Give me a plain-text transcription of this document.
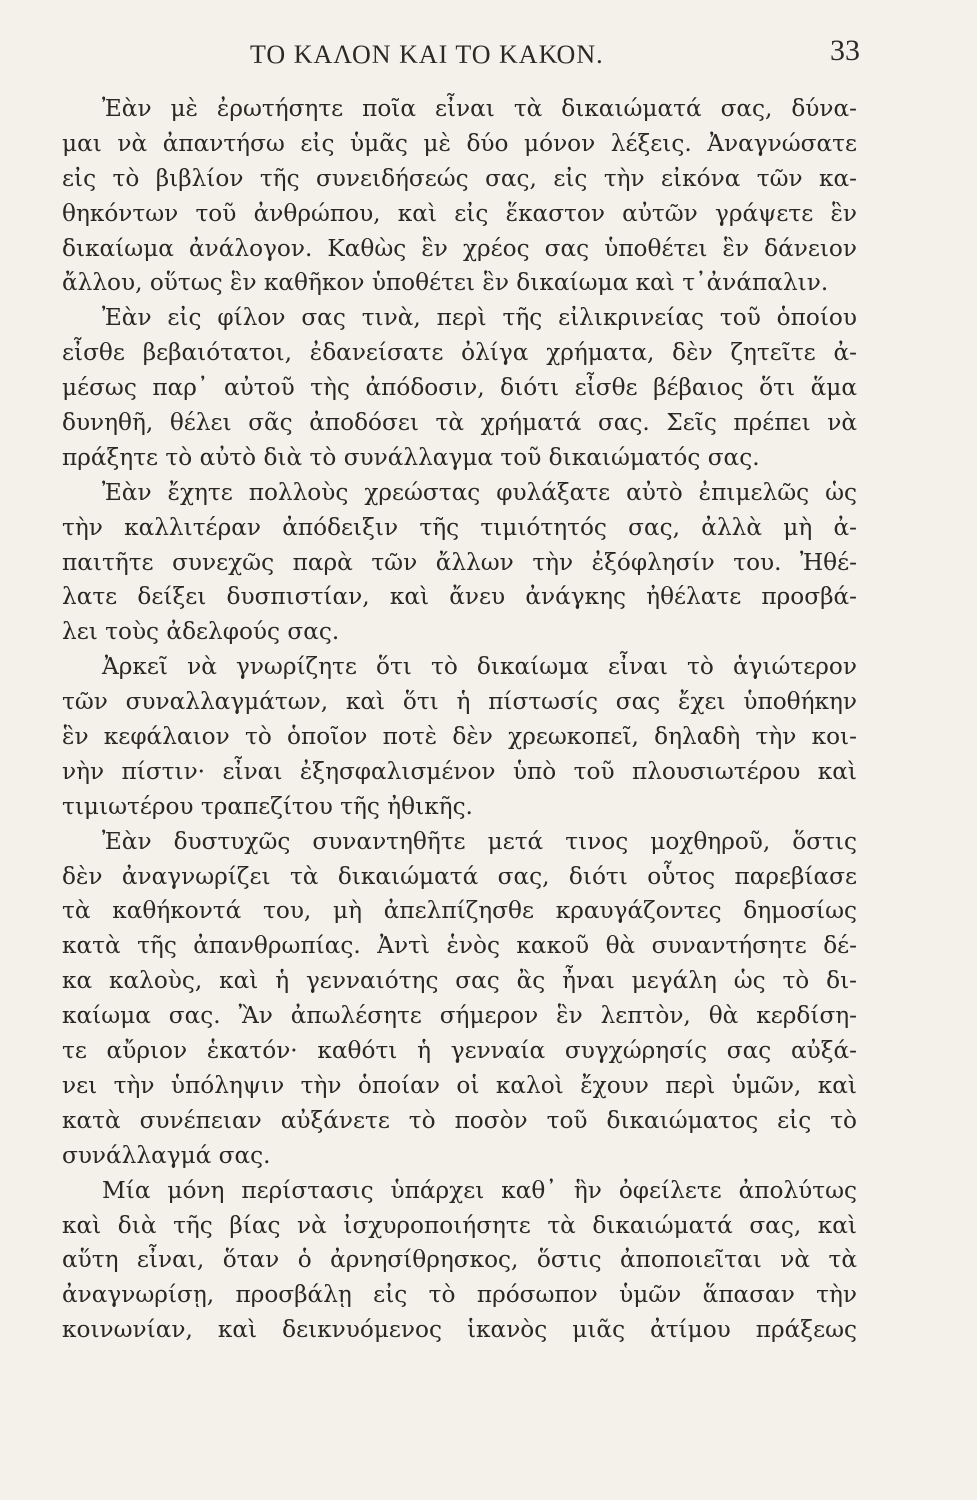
ΤΟ ΚΑΛΟΝ ΚΑΙ ΤΟ ΚΑΚΟΝ.	33
Ἐὰν μὲ ἐρωτήσητε ποῖα εἶναι τὰ δικαιώματά σας, δύνα-
μαι νὰ ἀπαντήσω εἰς ὑμᾶς μὲ δύο μόνον λέξεις. Ἀναγνώσατε
εἰς τὸ βιβλίον τῆς συνειδήσεώς σας, εἰς τὴν εἰκόνα τῶν κα-
θηκόντων τοῦ ἀνθρώπου, καὶ εἰς ἕκαστον αὐτῶν γράψετε ἓν
δικαίωμα ἀνάλογον. Καθὼς ἓν χρέος σας ὑποθέτει ἓν δάνειον
ἄλλου, οὕτως ἓν καθῆκον ὑποθέτει ἓν δικαίωμα καὶ τ᾽ἀνάπαλιν.
Ἐὰν εἰς φίλον σας τινὰ, περὶ τῆς εἰλικρινείας τοῦ ὁποίου
εἶσθε βεβαιότατοι, ἐδανείσατε ὀλίγα χρήματα, δὲν ζητεῖτε ἀ-
μέσως παρ᾽ αὐτοῦ τὴς ἀπόδοσιν, διότι εἶσθε βέβαιος ὅτι ἅμα
δυνηθῆ, θέλει σᾶς ἀποδόσει τὰ χρήματά σας. Σεῖς πρέπει νὰ
πράξητε τὸ αὐτὸ διὰ τὸ συνάλλαγμα τοῦ δικαιώματός σας.
Ἐὰν ἔχητε πολλοὺς χρεώστας φυλάξατε αὐτὸ ἐπιμελῶς ὡς
τὴν καλλιτέραν ἀπόδειξιν τῆς τιμιότητός σας, ἀλλὰ μὴ ἀ-
παιτῆτε συνεχῶς παρὰ τῶν ἄλλων τὴν ἐξόφλησίν του. Ἠθέ-
λατε δείξει δυσπιστίαν, καὶ ἄνευ ἀνάγκης ἠθέλατε προσβά-
λει τοὺς ἀδελφούς σας.
Ἀρκεῖ νὰ γνωρίζητε ὅτι τὸ δικαίωμα εἶναι τὸ ἁγιώτερον
τῶν συναλλαγμάτων, καὶ ὅτι ἡ πίστωσίς σας ἔχει ὑποθήκην
ἓν κεφάλαιον τὸ ὁποῖον ποτὲ δὲν χρεωκοπεῖ, δηλαδὴ τὴν κοι-
νὴν πίστιν· εἶναι ἐξησφαλισμένον ὑπὸ τοῦ πλουσιωτέρου καὶ
τιμιωτέρου τραπεζίτου τῆς ἠθικῆς.
Ἐὰν δυστυχῶς συναντηθῆτε μετά τινος μοχθηροῦ, ὅστις
δὲν ἀναγνωρίζει τὰ δικαιώματά σας, διότι οὗτος παρεβίασε
τὰ καθήκοντά του, μὴ ἀπελπίζησθε κραυγάζοντες δημοσίως
κατὰ τῆς ἀπανθρωπίας. Ἀντὶ ἑνὸς κακοῦ θὰ συναντήσητε δέ-
κα καλοὺς, καὶ ἡ γενναιότης σας ἂς ἦναι μεγάλη ὡς τὸ δι-
καίωμα σας. Ἂν ἀπωλέσητε σήμερον ἓν λεπτὸν, θὰ κερδίση-
τε αὔριον ἑκατόν· καθότι ἡ γενναία συγχώρησίς σας αὐξά-
νει τὴν ὑπόληψιν τὴν ὁποίαν οἱ καλοὶ ἔχουν περὶ ὑμῶν, καὶ
κατὰ συνέπειαν αὐξάνετε τὸ ποσὸν τοῦ δικαιώματος εἰς τὸ
συνάλλαγμά σας.
Μία μόνη περίστασις ὑπάρχει καθ᾽ ἣν ὀφείλετε ἀπολύτως
καὶ διὰ τῆς βίας νὰ ἰσχυροποιήσητε τὰ δικαιώματά σας, καὶ
αὕτη εἶναι, ὅταν ὁ ἀρνησίθρησκος, ὅστις ἀποποιεῖται νὰ τὰ
ἀναγνωρίσῃ, προσβάλῃ εἰς τὸ πρόσωπον ὑμῶν ἅπασαν τὴν
κοινωνίαν, καὶ δεικνυόμενος ἱκανὸς μιᾶς ἀτίμου πράξεως
